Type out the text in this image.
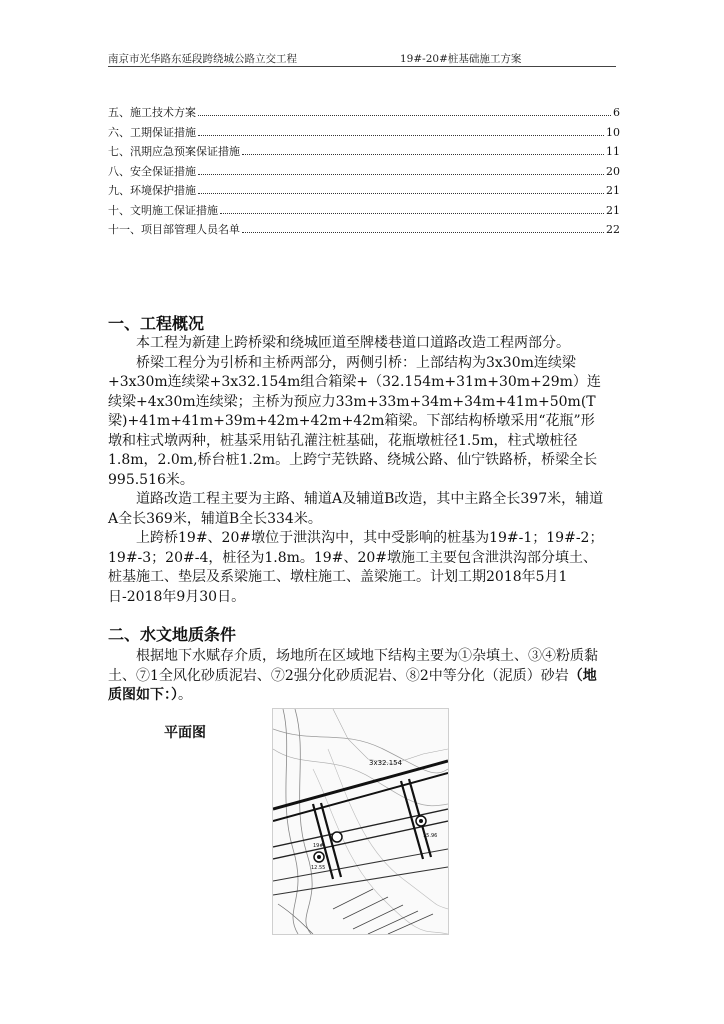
南京市光华路东延段跨绕城公路立交工程	19#-20#桩基础施工方案
五、施工技术方案	6
六、工期保证措施	10
七、汛期应急预案保证措施	11
八、安全保证措施	20
九、环境保护措施	21
十、文明施工保证措施	21
十一、项目部管理人员名单	22
一、工程概况

本工程为新建上跨桥梁和绕城匝道至牌楼巷道口道路改造工程两部分。

桥梁工程分为引桥和主桥两部分，两侧引桥：上部结构为3x30m连续梁+3x30m连续梁+3x32.154m组合箱梁+（32.154m+31m+30m+29m）连续梁+4x30m连续梁；主桥为预应力33m+33m+34m+34m+41m+50m(T梁)+41m+41m+39m+42m+42m+42m箱梁。下部结构桥墩采用“花瓶”形墩和柱式墩两种，桩基采用钻孔灌注桩基础，花瓶墩桩径1.5m，柱式墩桩径1.8m，2.0m,桥台桩1.2m。上跨宁芜铁路、绕城公路、仙宁铁路桥，桥梁全长995.516米。

道路改造工程主要为主路、辅道A及辅道B改造，其中主路全长397米，辅道A全长369米，辅道B全长334米。

上跨桥19#、20#墩位于泄洪沟中，其中受影响的桩基为19#-1；19#-2；19#-3；20#-4，桩径为1.8m。19#、20#墩施工主要包含泄洪沟部分填土、桩基施工、垫层及系梁施工、墩柱施工、盖梁施工。计划工期2018年5月1日-2018年9月30日。

二、水文地质条件

根据地下水赋存介质，场地所在区域地下结构主要为①杂填土、③④粉质黏土、⑦1全风化砂质泥岩、⑦2强分化砂质泥岩、⑧2中等分化（泥质）砂岩（地质图如下：）。

平面图
3x32.154
19#
15.96
12.55
